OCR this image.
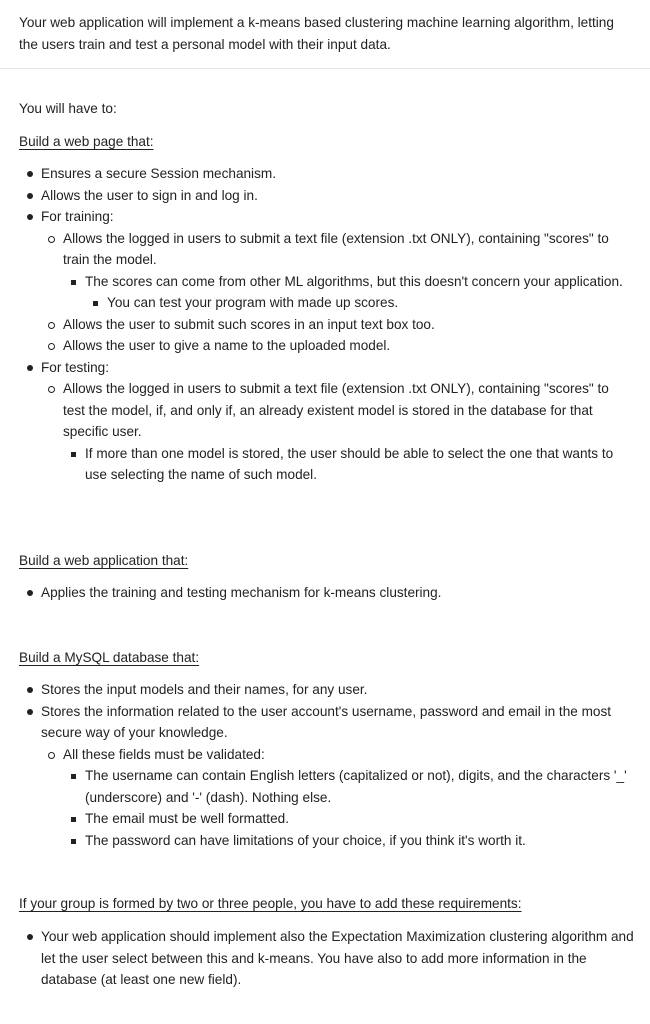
Your web application will implement a k-means based clustering machine learning algorithm, letting the users train and test a personal model with their input data.

You will have to:

Build a web page that:

Ensures a secure Session mechanism.
Allows the user to sign in and log in.
For training:
Allows the logged in users to submit a text file (extension .txt ONLY), containing "scores" to train the model.
The scores can come from other ML algorithms, but this doesn't concern your application.
You can test your program with made up scores.
Allows the user to submit such scores in an input text box too.
Allows the user to give a name to the uploaded model.
For testing:
Allows the logged in users to submit a text file (extension .txt ONLY), containing "scores" to test the model, if, and only if, an already existent model is stored in the database for that specific user.
If more than one model is stored, the user should be able to select the one that wants to use selecting the name of such model.

Build a web application that:

Applies the training and testing mechanism for k-means clustering.

Build a MySQL database that:

Stores the input models and their names, for any user.
Stores the information related to the user account's username, password and email in the most secure way of your knowledge.
All these fields must be validated:
The username can contain English letters (capitalized or not), digits, and the characters '_' (underscore) and '-' (dash). Nothing else.
The email must be well formatted.
The password can have limitations of your choice, if you think it's worth it.

If your group is formed by two or three people, you have to add these requirements:

Your web application should implement also the Expectation Maximization clustering algorithm and let the user select between this and k-means. You have also to add more information in the database (at least one new field).
